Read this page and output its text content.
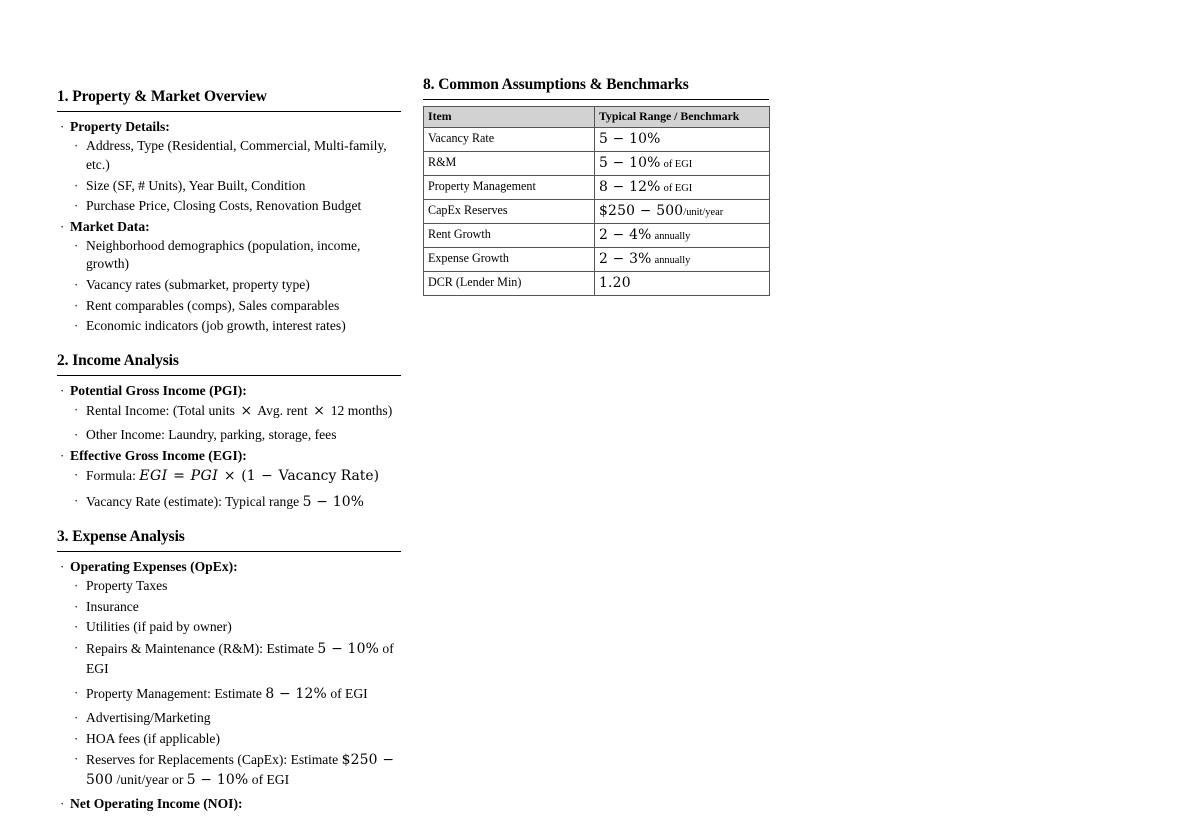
1. Property & Market Overview
· Property Details:
· Address, Type (Residential, Commercial, Multi-family, etc.)
· Size (SF, # Units), Year Built, Condition
· Purchase Price, Closing Costs, Renovation Budget
· Market Data:
· Neighborhood demographics (population, income, growth)
· Vacancy rates (submarket, property type)
· Rent comparables (comps), Sales comparables
· Economic indicators (job growth, interest rates)
2. Income Analysis
· Potential Gross Income (PGI):
· Rental Income: (Total units × Avg. rent × 12 months)
· Other Income: Laundry, parking, storage, fees
· Effective Gross Income (EGI):
· Formula: EGI = PGI × (1 − Vacancy Rate)
· Vacancy Rate (estimate): Typical range 5 − 10%
3. Expense Analysis
· Operating Expenses (OpEx):
· Property Taxes
· Insurance
· Utilities (if paid by owner)
· Repairs & Maintenance (R&M): Estimate 5 − 10% of EGI
· Property Management: Estimate 8 − 12% of EGI
· Advertising/Marketing
· HOA fees (if applicable)
· Reserves for Replacements (CapEx): Estimate $250 − 500 /unit/year or 5 − 10% of EGI
· Net Operating Income (NOI):
8. Common Assumptions & Benchmarks
Item	Typical Range / Benchmark
Vacancy Rate	5 − 10%
R&M	5 − 10% of EGI
Property Management	8 − 12% of EGI
CapEx Reserves	$250 − 500/unit/year
Rent Growth	2 − 4% annually
Expense Growth	2 − 3% annually
DCR (Lender Min)	1.20
